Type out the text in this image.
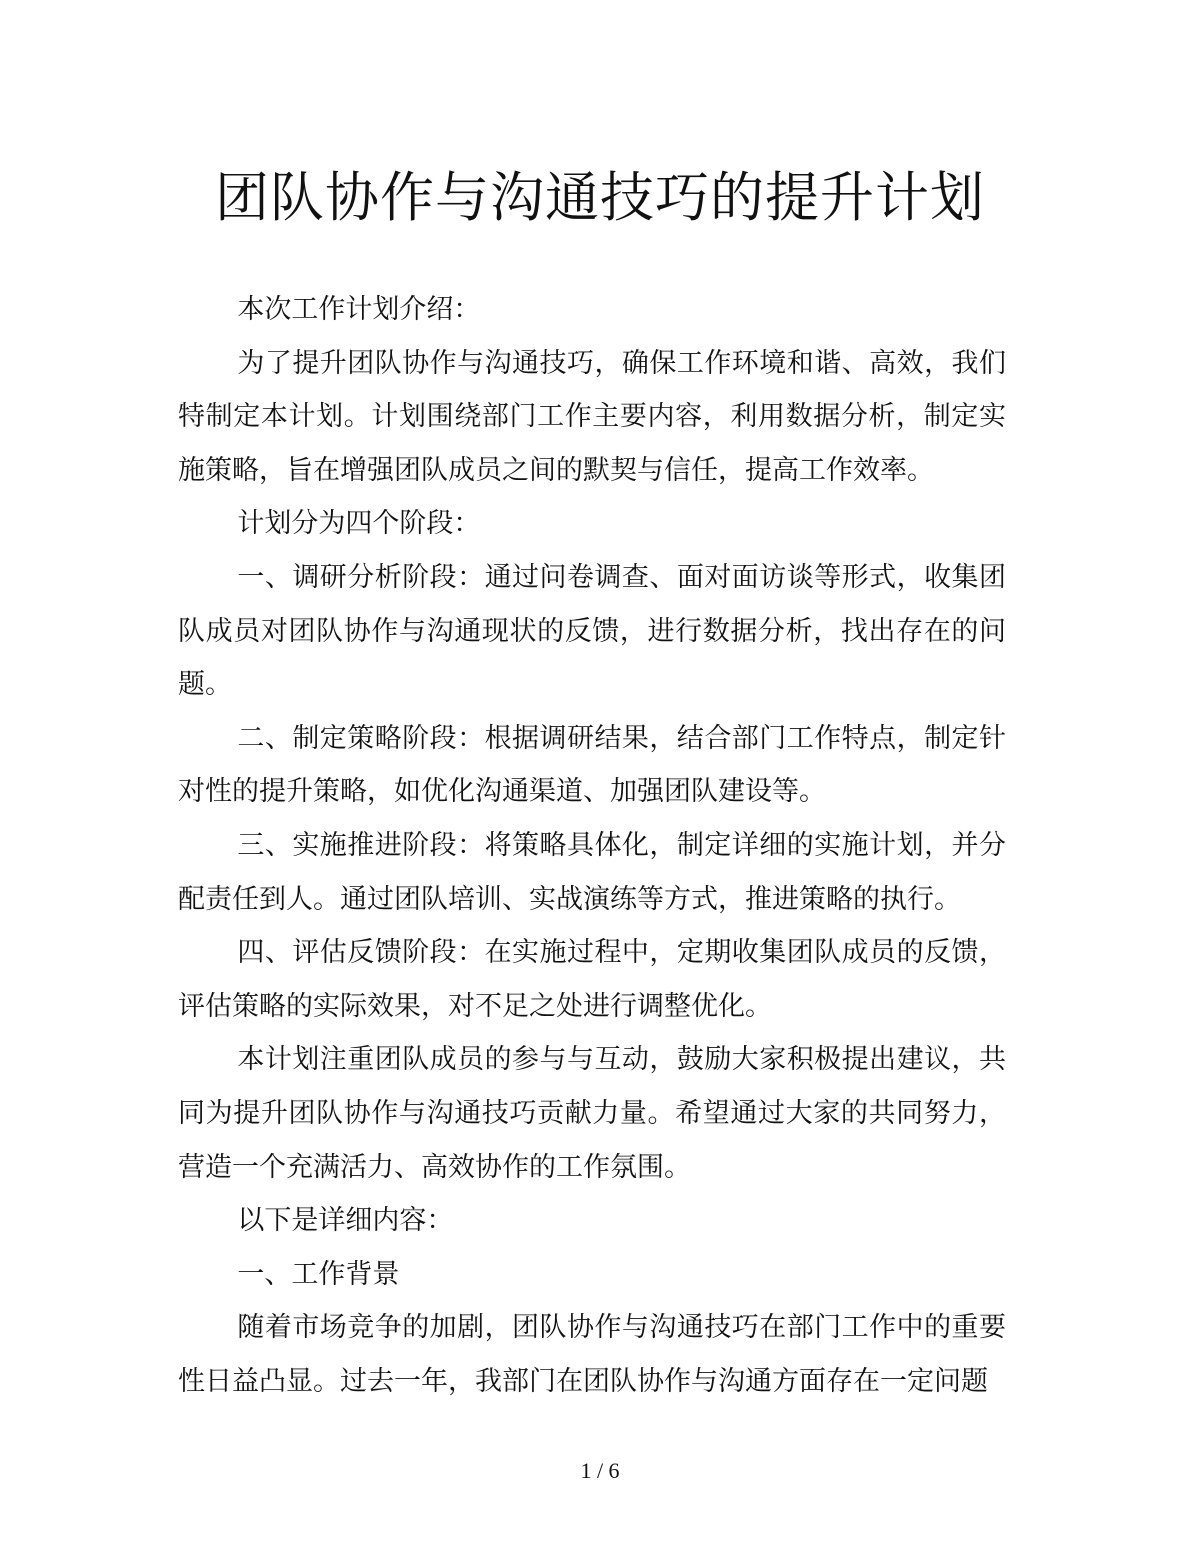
团队协作与沟通技巧的提升计划

本次工作计划介绍：

为了提升团队协作与沟通技巧，确保工作环境和谐、高效，我们特制定本计划。计划围绕部门工作主要内容，利用数据分析，制定实施策略，旨在增强团队成员之间的默契与信任，提高工作效率。

计划分为四个阶段：

一、调研分析阶段：通过问卷调查、面对面访谈等形式，收集团队成员对团队协作与沟通现状的反馈，进行数据分析，找出存在的问题。

二、制定策略阶段：根据调研结果，结合部门工作特点，制定针对性的提升策略，如优化沟通渠道、加强团队建设等。

三、实施推进阶段：将策略具体化，制定详细的实施计划，并分配责任到人。通过团队培训、实战演练等方式，推进策略的执行。

四、评估反馈阶段：在实施过程中，定期收集团队成员的反馈，评估策略的实际效果，对不足之处进行调整优化。

本计划注重团队成员的参与与互动，鼓励大家积极提出建议，共同为提升团队协作与沟通技巧贡献力量。希望通过大家的共同努力，营造一个充满活力、高效协作的工作氛围。

以下是详细内容：

一、工作背景

随着市场竞争的加剧，团队协作与沟通技巧在部门工作中的重要性日益凸显。过去一年，我部门在团队协作与沟通方面存在一定问题

1 / 6
